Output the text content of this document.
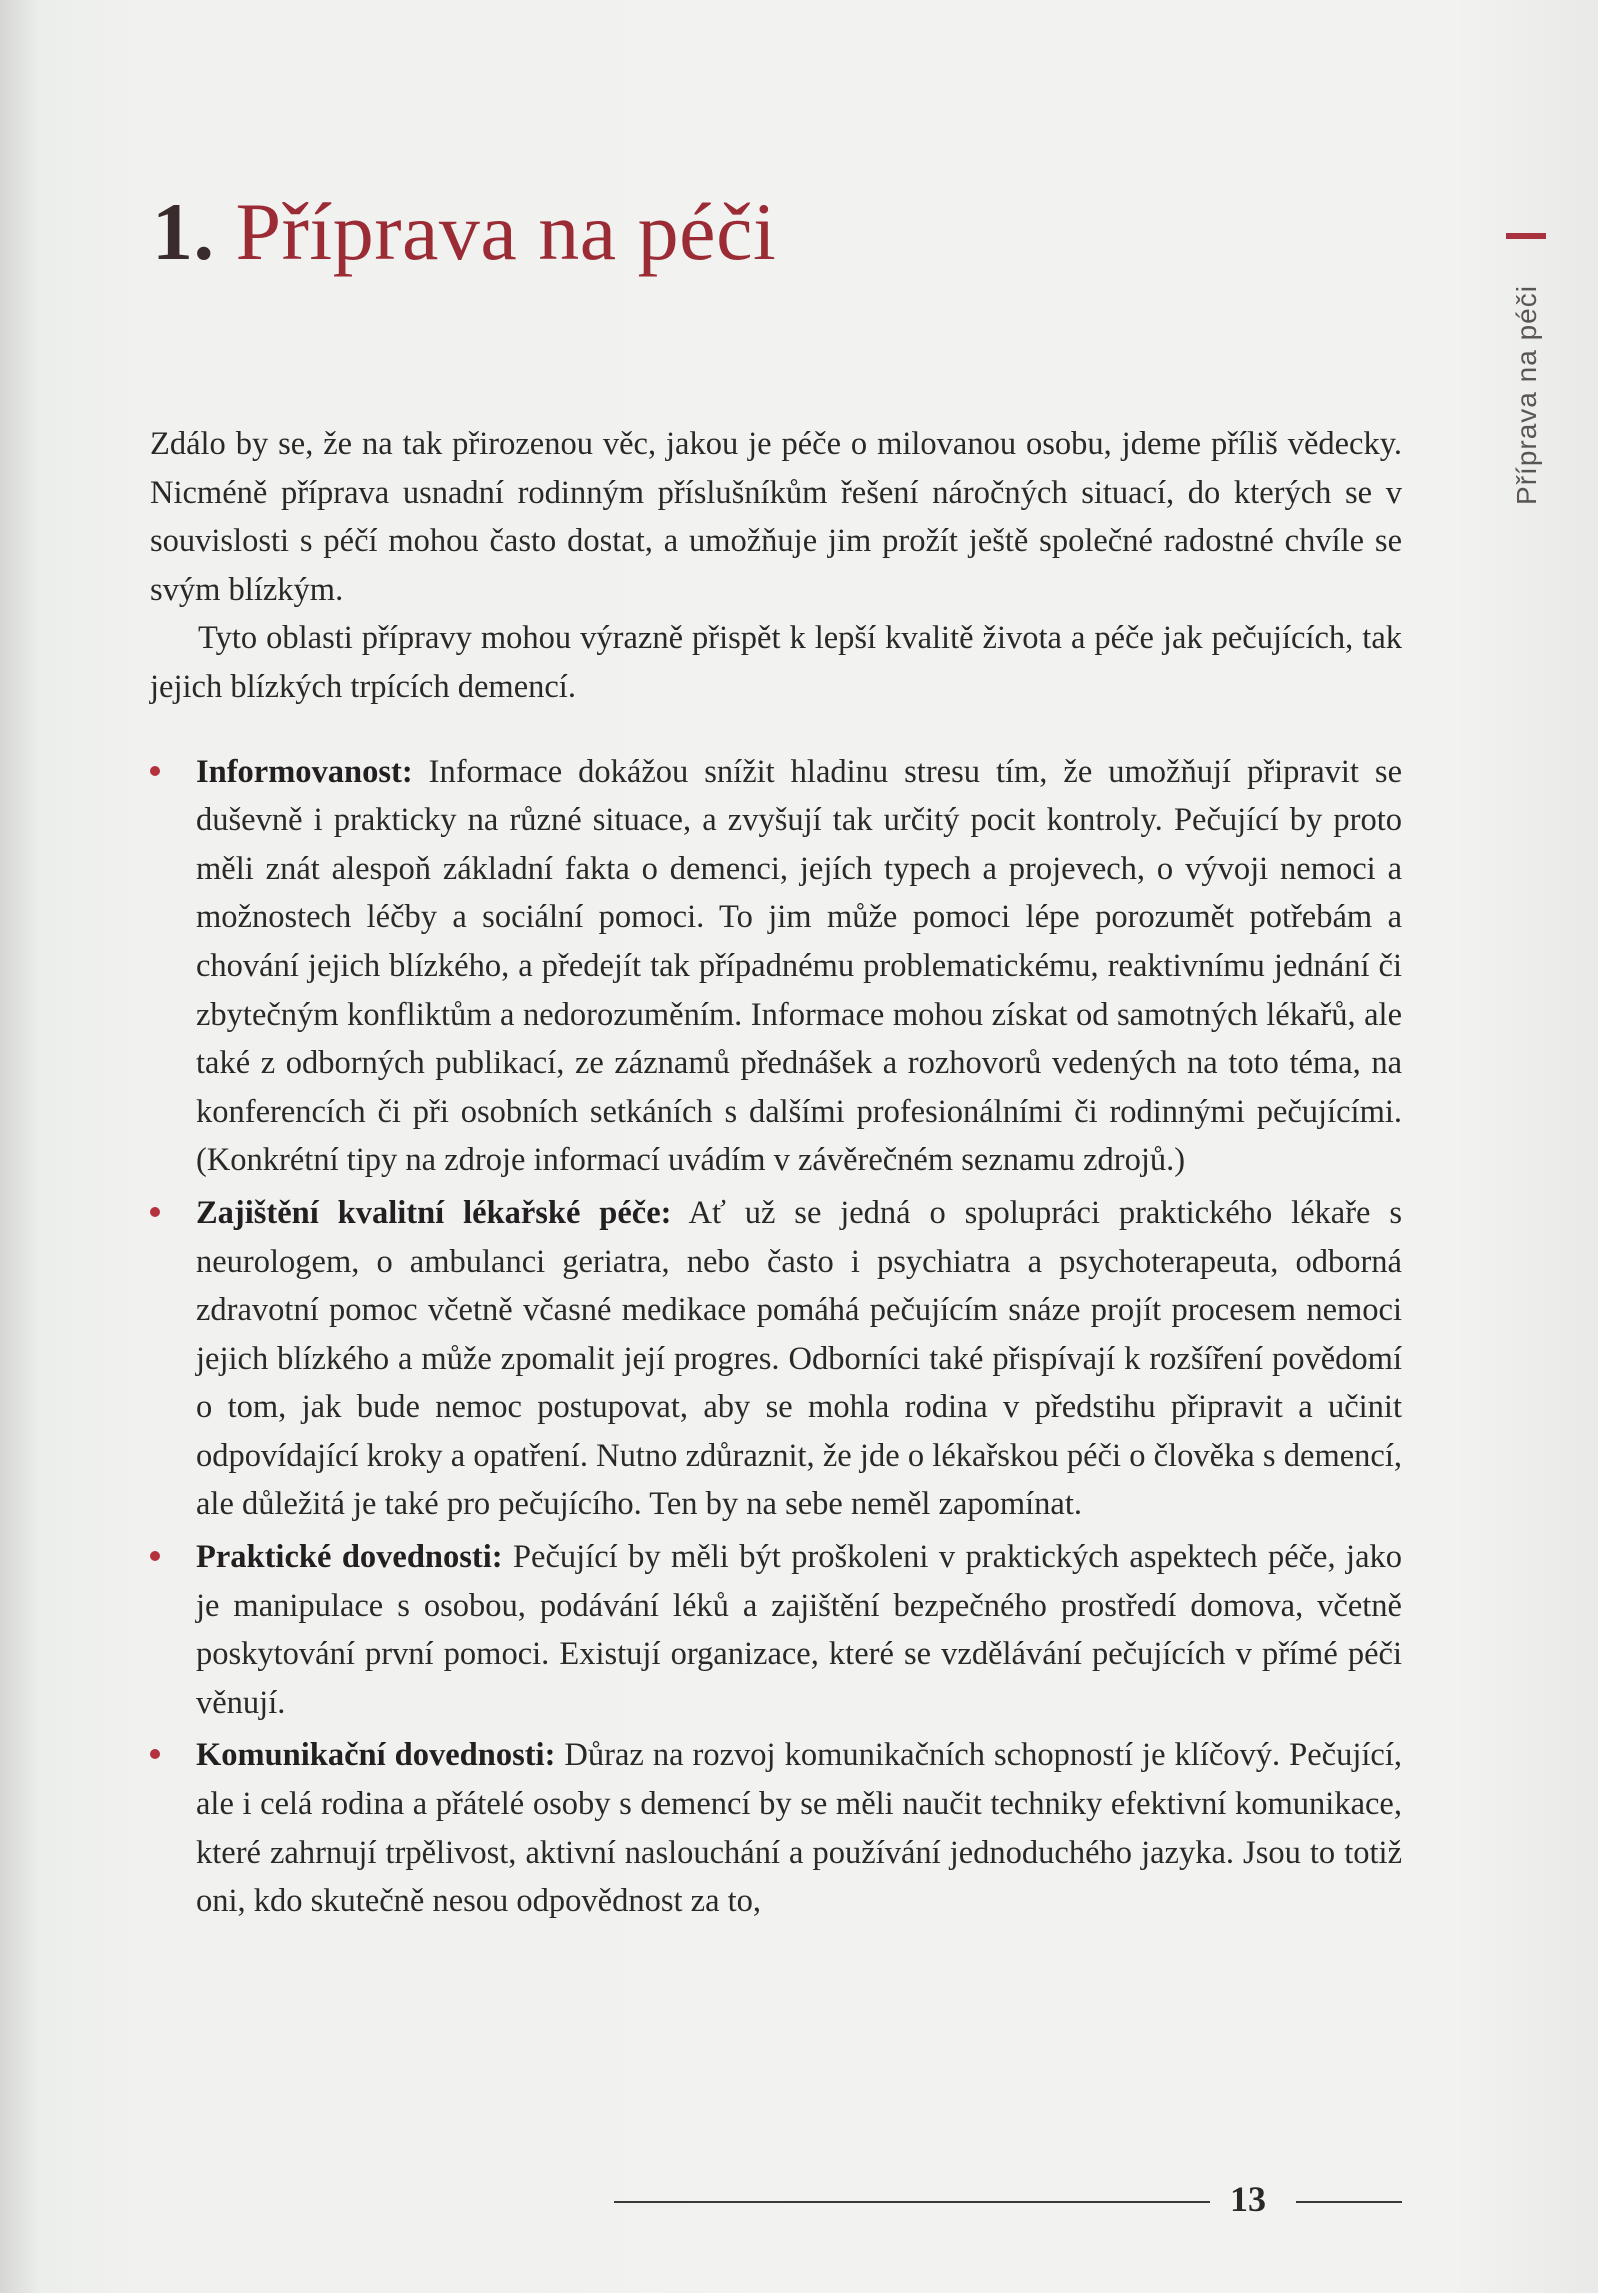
1. Příprava na péči
Příprava na péči

Zdálo by se, že na tak přirozenou věc, jakou je péče o milovanou osobu, jdeme příliš vědecky. Nicméně příprava usnadní rodinným příslušníkům řešení náročných situací, do kterých se v souvislosti s péčí mohou často dostat, a umožňuje jim prožít ještě společné radostné chvíle se svým blízkým.

Tyto oblasti přípravy mohou výrazně přispět k lepší kvalitě života a péče jak pečujících, tak jejich blízkých trpících demencí.

Informovanost: Informace dokážou snížit hladinu stresu tím, že umožňují připravit se duševně i prakticky na různé situace, a zvyšují tak určitý pocit kontroly. Pečující by proto měli znát alespoň základní fakta o demenci, jejích typech a projevech, o vývoji nemoci a možnostech léčby a sociální pomoci. To jim může pomoci lépe porozumět potřebám a chování jejich blízkého, a předejít tak případnému problematickému, reaktivnímu jednání či zbytečným konfliktům a nedorozuměním. Informace mohou získat od samotných lékařů, ale také z odborných publikací, ze záznamů přednášek a rozhovorů vedených na toto téma, na konferencích či při osobních setkáních s dalšími profesionálními či rodinnými pečujícími. (Konkrétní tipy na zdroje informací uvádím v závěrečném seznamu zdrojů.)
Zajištění kvalitní lékařské péče: Ať už se jedná o spolupráci praktického lékaře s neurologem, o ambulanci geriatra, nebo často i psychiatra a psychoterapeuta, odborná zdravotní pomoc včetně včasné medikace pomáhá pečujícím snáze projít procesem nemoci jejich blízkého a může zpomalit její progres. Odborníci také přispívají k rozšíření povědomí o tom, jak bude nemoc postupovat, aby se mohla rodina v předstihu připravit a učinit odpovídající kroky a opatření. Nutno zdůraznit, že jde o lékařskou péči o člověka s demencí, ale důležitá je také pro pečujícího. Ten by na sebe neměl zapomínat.
Praktické dovednosti: Pečující by měli být proškoleni v praktických aspektech péče, jako je manipulace s osobou, podávání léků a zajištění bezpečného prostředí domova, včetně poskytování první pomoci. Existují organizace, které se vzdělávání pečujících v přímé péči věnují.
Komunikační dovednosti: Důraz na rozvoj komunikačních schopností je klíčový. Pečující, ale i celá rodina a přátelé osoby s demencí by se měli naučit techniky efektivní komunikace, které zahrnují trpělivost, aktivní naslouchání a používání jednoduchého jazyka. Jsou to totiž oni, kdo skutečně nesou odpovědnost za to,
13
